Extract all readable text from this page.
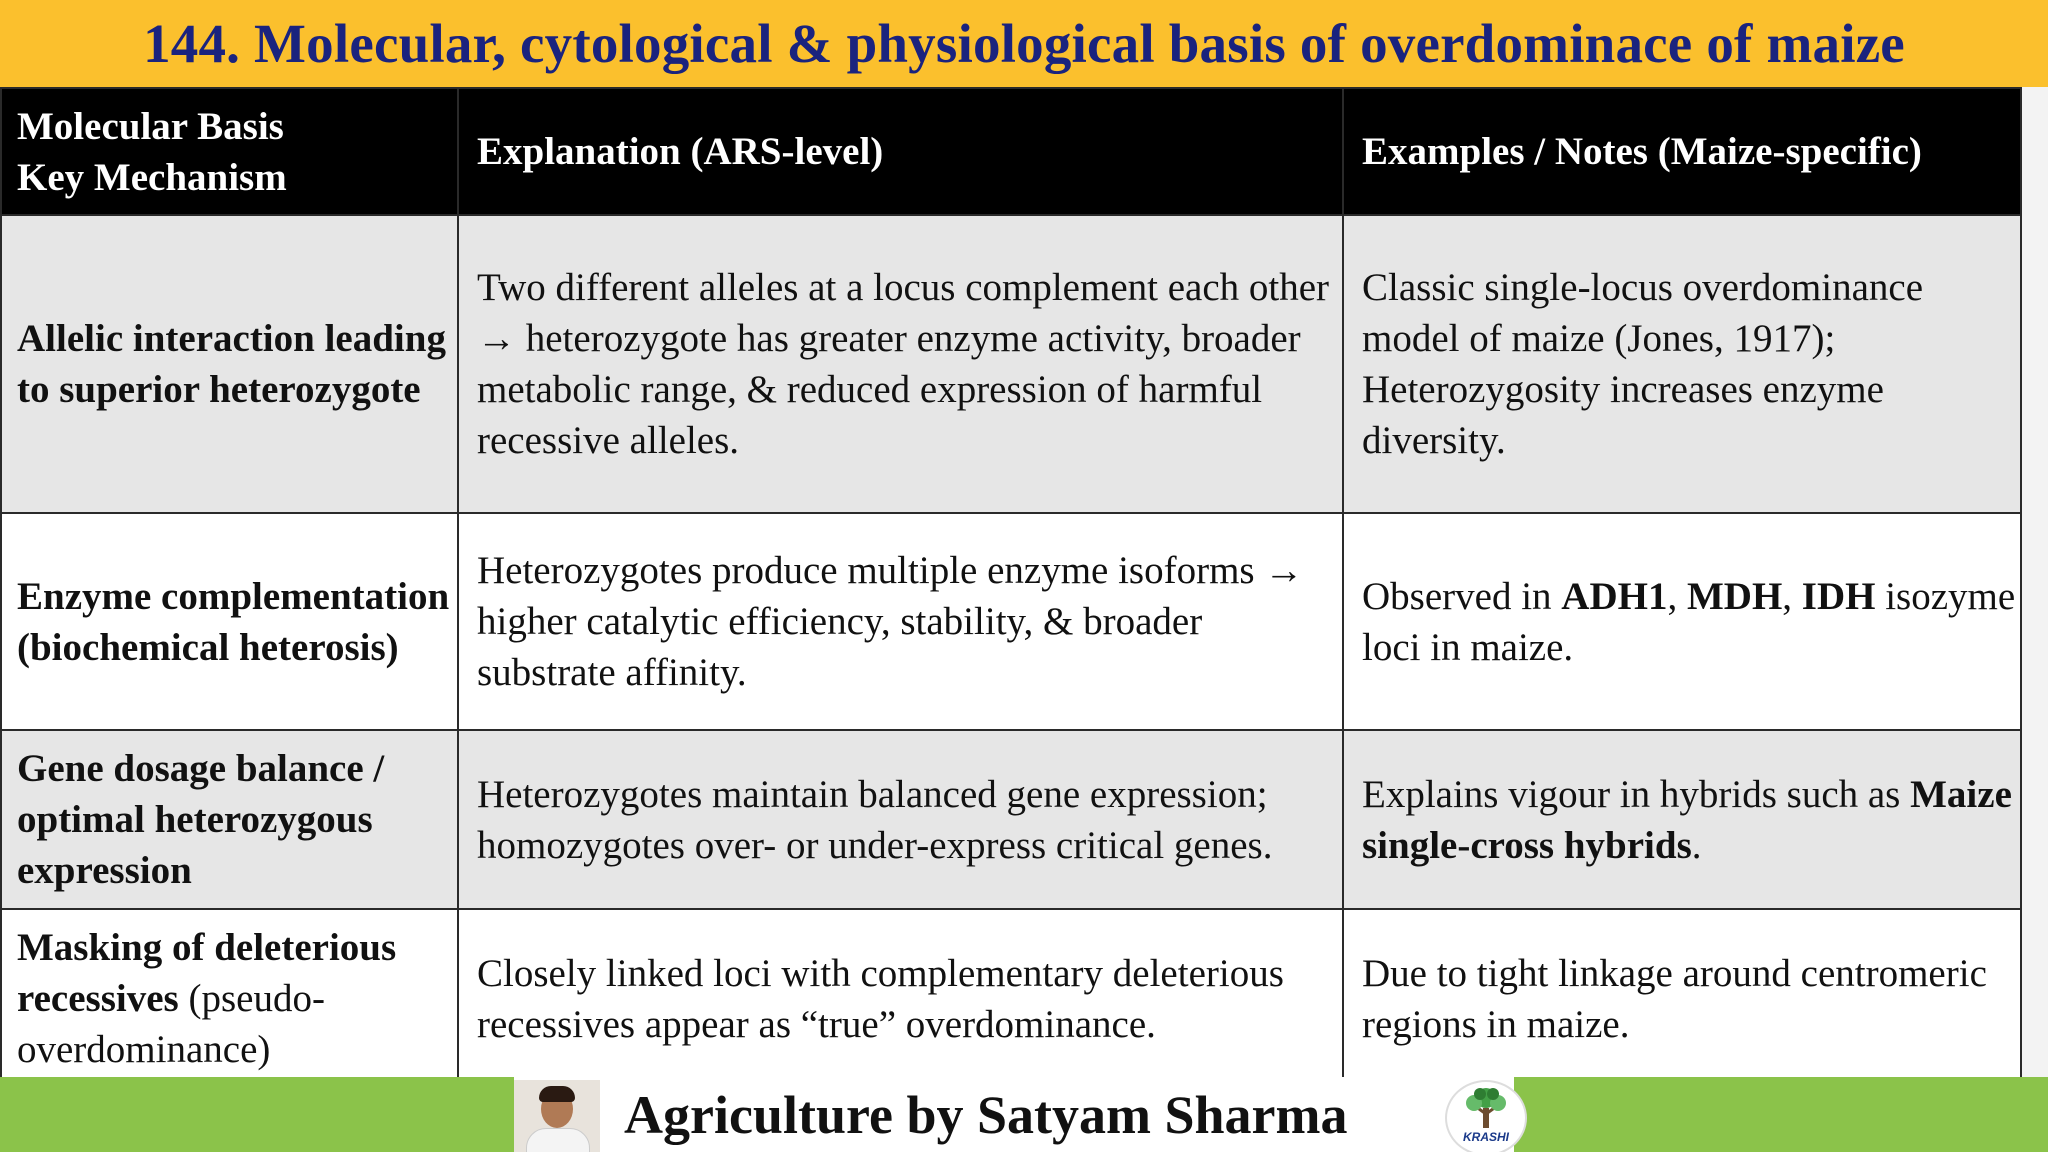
144. Molecular, cytological & physiological basis of overdominace of maize
Molecular Basis
Key Mechanism	Explanation (ARS-level)	Examples / Notes (Maize-specific)
Allelic interaction leading to superior heterozygote	Two different alleles at a locus complement each other → heterozygote has greater enzyme activity, broader metabolic range, & reduced expression of harmful recessive alleles.	Classic single-locus overdominance model of maize (Jones, 1917); Heterozygosity increases enzyme diversity.
Enzyme complementation (biochemical heterosis)	Heterozygotes produce multiple enzyme isoforms → higher catalytic efficiency, stability, & broader substrate affinity.	Observed in ADH1, MDH, IDH isozyme loci in maize.
Gene dosage balance / optimal heterozygous expression	Heterozygotes maintain balanced gene expression; homozygotes over- or under-express critical genes.	Explains vigour in hybrids such as Maize single-cross hybrids.
Masking of deleterious recessives (pseudo-overdominance)	Closely linked loci with complementary deleterious recessives appear as “true” overdominance.	Due to tight linkage around centromeric regions in maize.
Agriculture by Satyam Sharma	KRASHI
